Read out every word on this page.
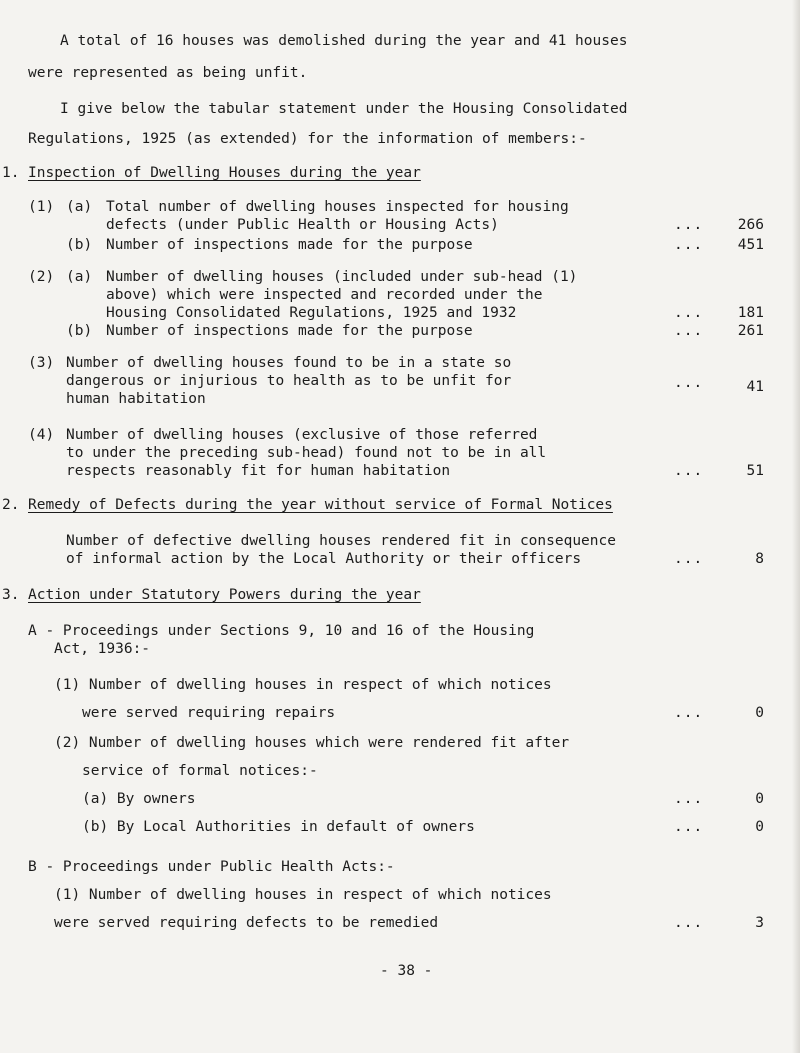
A total of 16 houses was demolished during the year and 41 houses
were represented as being unfit.
I give below the tabular statement under the Housing Consolidated
Regulations, 1925 (as extended) for the information of members:-
1. Inspection of Dwelling Houses during the year
(1) (a) Total number of dwelling houses inspected for housing
defects (under Public Health or Housing Acts)	...	266
(b) Number of inspections made for the purpose	...	451
(2) (a) Number of dwelling houses (included under sub-head (1)
above) which were inspected and recorded under the
Housing Consolidated Regulations, 1925 and 1932	...	181
(b) Number of inspections made for the purpose	...	261
(3) Number of dwelling houses found to be in a state so
dangerous or injurious to health as to be unfit for
human habitation
...	41
(4) Number of dwelling houses (exclusive of those referred
to under the preceding sub-head) found not to be in all
respects reasonably fit for human habitation	...	51
2. Remedy of Defects during the year without service of Formal Notices
Number of defective dwelling houses rendered fit in consequence
of informal action by the Local Authority or their officers	...	8
3. Action under Statutory Powers during the year
A - Proceedings under Sections 9, 10 and 16 of the Housing
Act, 1936:-
(1) Number of dwelling houses in respect of which notices
were served requiring repairs	...	0
(2) Number of dwelling houses which were rendered fit after
service of formal notices:-
(a) By owners	...	0
(b) By Local Authorities in default of owners	...	0
B - Proceedings under Public Health Acts:-
(1) Number of dwelling houses in respect of which notices
were served requiring defects to be remedied	...	3
- 38 -
